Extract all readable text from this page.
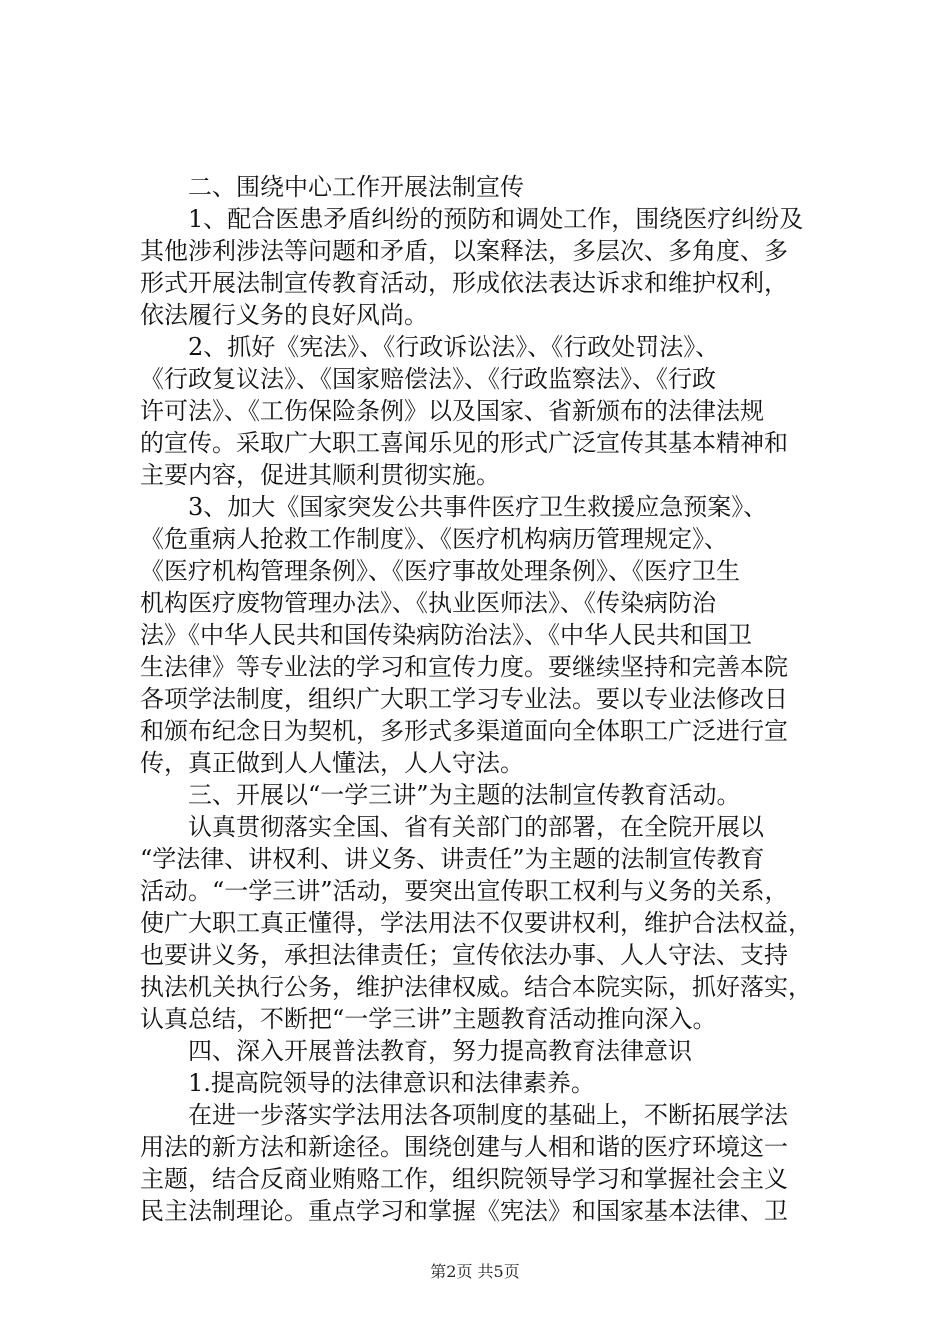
　　二、围绕中心工作开展法制宣传
　　1、配合医患矛盾纠纷的预防和调处工作，围绕医疗纠纷及
其他涉利涉法等问题和矛盾，以案释法，多层次、多角度、多
形式开展法制宣传教育活动，形成依法表达诉求和维护权利，
依法履行义务的良好风尚。
　　2、抓好《宪法》、《行政诉讼法》、《行政处罚法》、
《行政复议法》、《国家赔偿法》、《行政监察法》、《行政
许可法》、《工伤保险条例》以及国家、省新颁布的法律法规
的宣传。采取广大职工喜闻乐见的形式广泛宣传其基本精神和
主要内容，促进其顺利贯彻实施。
　　3、加大《国家突发公共事件医疗卫生救援应急预案》、
《危重病人抢救工作制度》、《医疗机构病历管理规定》、
《医疗机构管理条例》、《医疗事故处理条例》、《医疗卫生
机构医疗废物管理办法》、《执业医师法》、《传染病防治
法》《中华人民共和国传染病防治法》、《中华人民共和国卫
生法律》等专业法的学习和宣传力度。要继续坚持和完善本院
各项学法制度，组织广大职工学习专业法。要以专业法修改日
和颁布纪念日为契机，多形式多渠道面向全体职工广泛进行宣
传，真正做到人人懂法，人人守法。
　　三、开展以“一学三讲”为主题的法制宣传教育活动。
　　认真贯彻落实全国、省有关部门的部署，在全院开展以
“学法律、讲权利、讲义务、讲责任”为主题的法制宣传教育
活动。“一学三讲”活动，要突出宣传职工权利与义务的关系，
使广大职工真正懂得，学法用法不仅要讲权利，维护合法权益，
也要讲义务，承担法律责任；宣传依法办事、人人守法、支持
执法机关执行公务，维护法律权威。结合本院实际，抓好落实，
认真总结，不断把“一学三讲”主题教育活动推向深入。
　　四、深入开展普法教育，努力提高教育法律意识
　　1.提高院领导的法律意识和法律素养。
　　在进一步落实学法用法各项制度的基础上，不断拓展学法
用法的新方法和新途径。围绕创建与人相和谐的医疗环境这一
主题，结合反商业贿赂工作，组织院领导学习和掌握社会主义
民主法制理论。重点学习和掌握《宪法》和国家基本法律、卫
第2页 共5页
